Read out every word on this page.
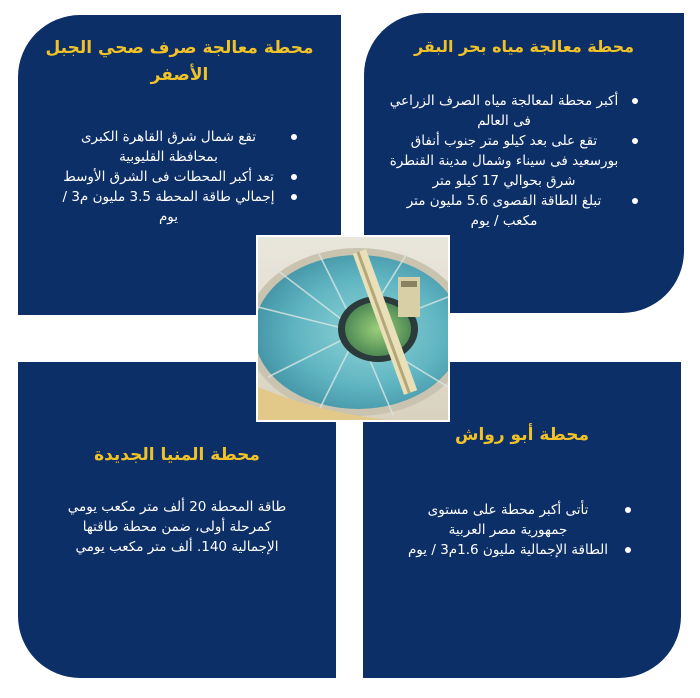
محطة معالجة صرف صحي الجبل الأصفر
تقع شمال شرق القاهرة الكبرى بمحافظة القليوبية
تعد أكبر المحطات فى الشرق الأوسط
إجمالي طاقة المحطة 3.5 مليون م3 / يوم
محطة معالجة مياه بحر البقر
أكبر محطة لمعالجة مياه الصرف الزراعي فى العالم
تقع على بعد كيلو متر جنوب أنفاق بورسعيد فى سيناء وشمال مدينة القنطرة شرق بحوالي 17 كيلو متر
تبلغ الطاقة القصوى 5.6 مليون متر مكعب / يوم
محطة المنيا الجديدة

طاقة المحطة 20 ألف متر مكعب يومي كمرحلة أولى، ضمن محطة طاقتها الإجمالية 140. ألف متر مكعب يومي

محطة أبو رواش
تأتى أكبر محطة على مستوى جمهورية مصر العربية
الطاقة الإجمالية مليون 1.6م3 / يوم
